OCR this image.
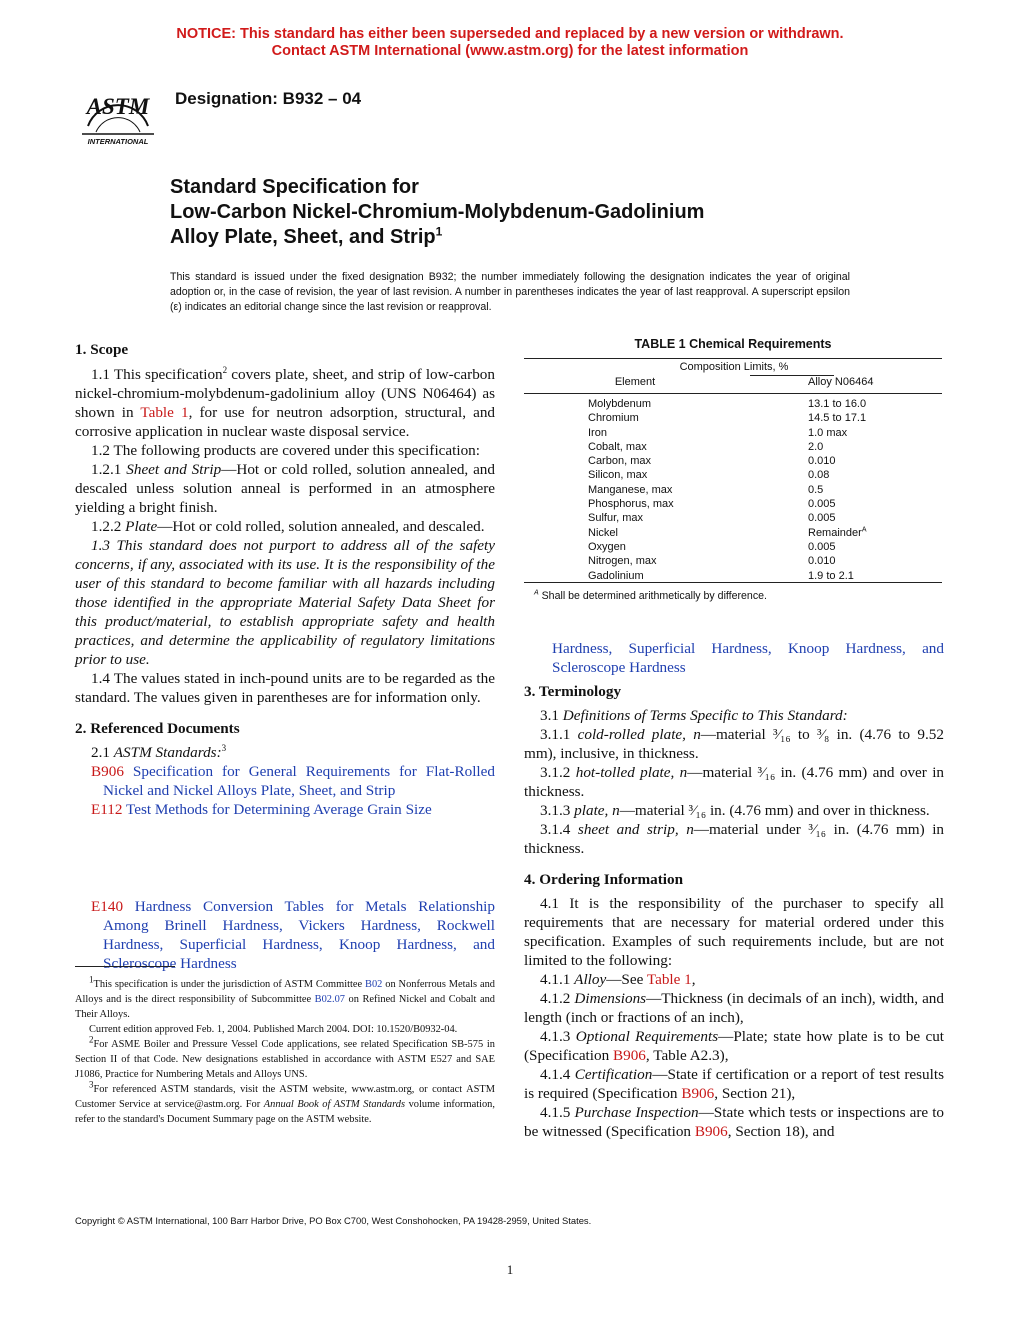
NOTICE: This standard has either been superseded and replaced by a new version or withdrawn.
Contact ASTM International (www.astm.org) for the latest information
ASTM
INTERNATIONAL
Designation: B932 – 04
Standard Specification for
Low-Carbon Nickel-Chromium-Molybdenum-Gadolinium
Alloy Plate, Sheet, and Strip$^1$
This standard is issued under the fixed designation B932; the number immediately following the designation indicates the year of original adoption or, in the case of revision, the year of last revision. A number in parentheses indicates the year of last reapproval. A superscript epsilon (ε) indicates an editorial change since the last revision or reapproval.
1. Scope

1.1 This specification$^2$ covers plate, sheet, and strip of low-carbon nickel-chromium-molybdenum-gadolinium alloy (UNS N06464) as shown in Table 1, for use for neutron adsorption, structural, and corrosive application in nuclear waste disposal service.

1.2 The following products are covered under this specification:

1.2.1 Sheet and Strip—Hot or cold rolled, solution annealed, and descaled unless solution anneal is performed in an atmosphere yielding a bright finish.

1.2.2 Plate—Hot or cold rolled, solution annealed, and descaled.

1.3 This standard does not purport to address all of the safety concerns, if any, associated with its use. It is the responsibility of the user of this standard to become familiar with all hazards including those identified in the appropriate Material Safety Data Sheet for this product/material, to establish appropriate safety and health practices, and determine the applicability of regulatory limitations prior to use.

1.4 The values stated in inch-pound units are to be regarded as the standard. The values given in parentheses are for information only.

2. Referenced Documents

2.1 ASTM Standards:$^3$

B906 Specification for General Requirements for Flat-Rolled Nickel and Nickel Alloys Plate, Sheet, and Strip

E112 Test Methods for Determining Average Grain Size

E140 Hardness Conversion Tables for Metals Relationship Among Brinell Hardness, Vickers Hardness, Rockwell Hardness, Superficial Hardness, Knoop Hardness, and Scleroscope Hardness
Hardness, Superficial Hardness, Knoop Hardness, and Scleroscope Hardness

$^1$This specification is under the jurisdiction of ASTM Committee B02 on Nonferrous Metals and Alloys and is the direct responsibility of Subcommittee B02.07 on Refined Nickel and Cobalt and Their Alloys.

Current edition approved Feb. 1, 2004. Published March 2004. DOI: 10.1520/B0932-04.

$^2$For ASME Boiler and Pressure Vessel Code applications, see related Specification SB-575 in Section II of that Code. New designations established in accordance with ASTM E527 and SAE J1086, Practice for Numbering Metals and Alloys UNS.

$^3$For referenced ASTM standards, visit the ASTM website, www.astm.org, or contact ASTM Customer Service at service@astm.org. For Annual Book of ASTM Standards volume information, refer to the standard's Document Summary page on the ASTM website.

TABLE 1 Chemical Requirements
Composition Limits, %
Element	Alloy N06464
Molybdenum	13.1 to 16.0
Chromium	14.5 to 17.1
Iron	1.0 max
Cobalt, max	2.0
Carbon, max	0.010
Silicon, max	0.08
Manganese, max	0.5
Phosphorus, max	0.005
Sulfur, max	0.005
Nickel	Remainder$^A$
Oxygen	0.005
Nitrogen, max	0.010
Gadolinium	1.9 to 2.1
$^A$ Shall be determined arithmetically by difference.
3. Terminology

3.1 Definitions of Terms Specific to This Standard:

3.1.1 cold-rolled plate, n—material ³⁄₁₆ to ³⁄₈ in. (4.76 to 9.52 mm), inclusive, in thickness.

3.1.2 hot-tolled plate, n—material ³⁄₁₆ in. (4.76 mm) and over in thickness.

3.1.3 plate, n—material ³⁄₁₆ in. (4.76 mm) and over in thickness.

3.1.4 sheet and strip, n—material under ³⁄₁₆ in. (4.76 mm) in thickness.

4. Ordering Information

4.1 It is the responsibility of the purchaser to specify all requirements that are necessary for material ordered under this specification. Examples of such requirements include, but are not limited to the following:

4.1.1 Alloy—See Table 1,

4.1.2 Dimensions—Thickness (in decimals of an inch), width, and length (inch or fractions of an inch),

4.1.3 Optional Requirements—Plate; state how plate is to be cut (Specification B906, Table A2.3),

4.1.4 Certification—State if certification or a report of test results is required (Specification B906, Section 21),

4.1.5 Purchase Inspection—State which tests or inspections are to be witnessed (Specification B906, Section 18), and

Copyright © ASTM International, 100 Barr Harbor Drive, PO Box C700, West Conshohocken, PA 19428-2959, United States.
1
